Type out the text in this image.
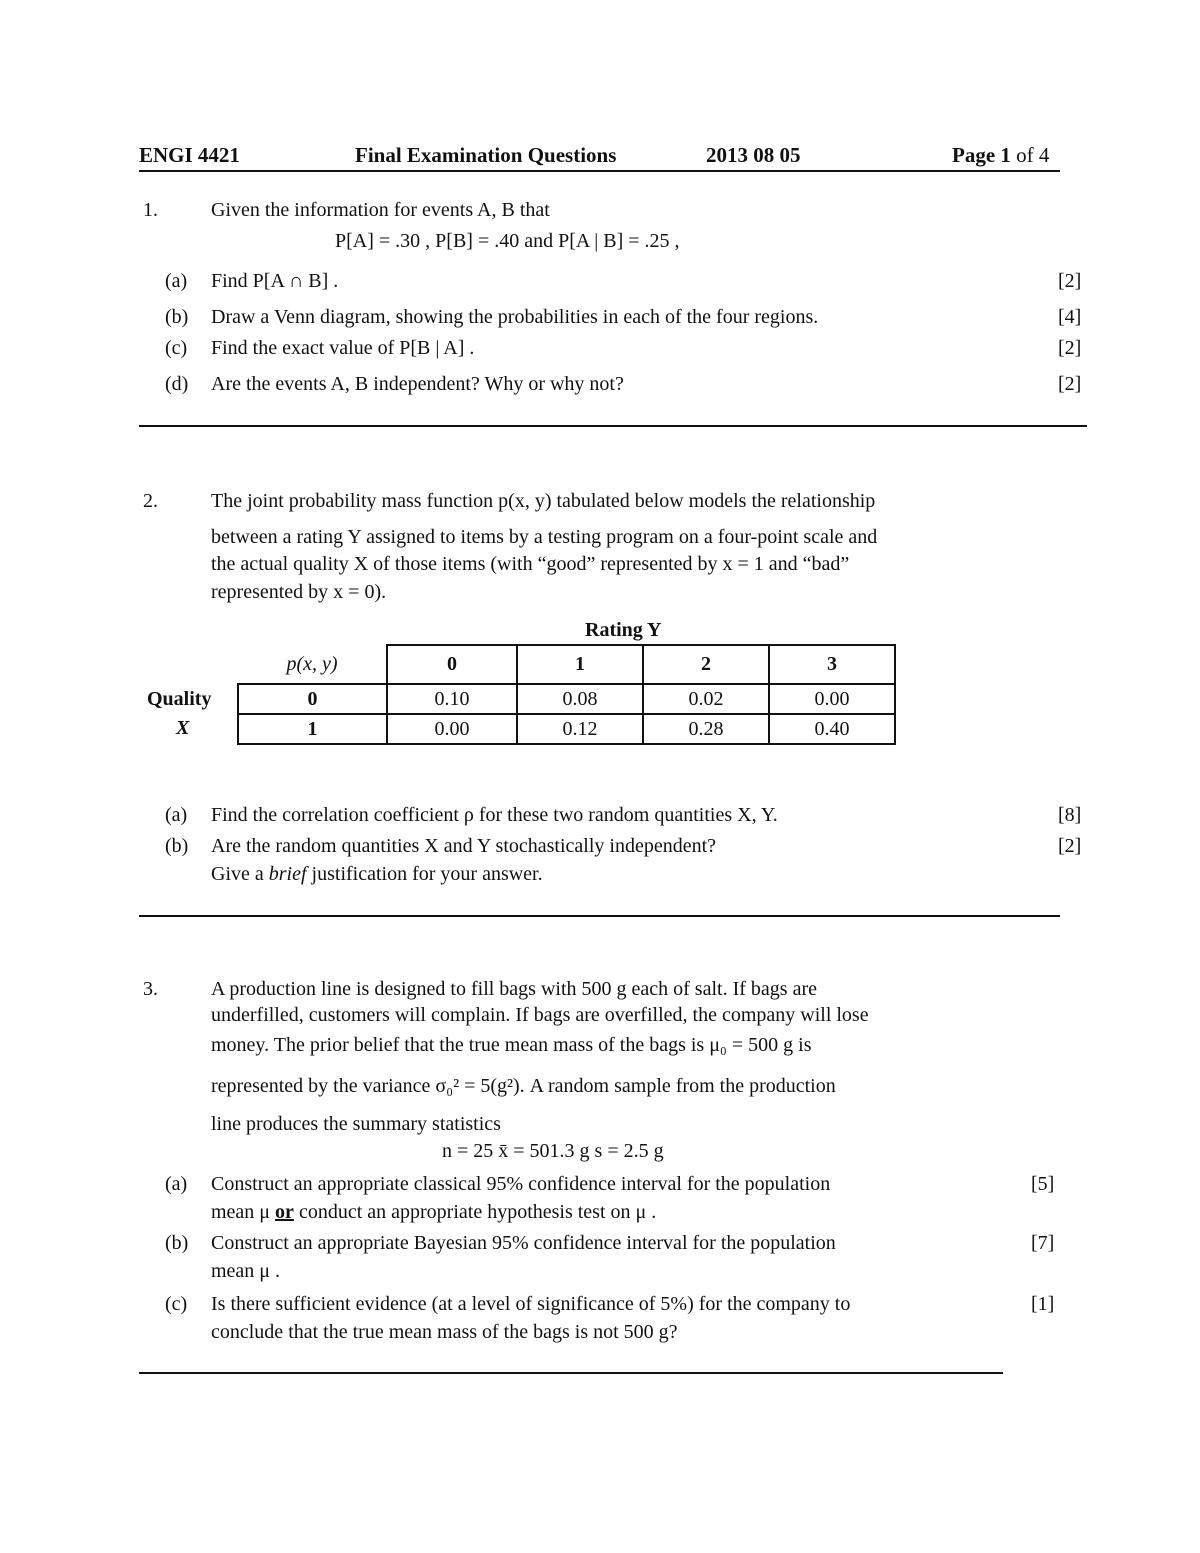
ENGI 4421	Final Examination Questions	2013 08 05	Page 1 of 4
1.	Given the information for events A, B that
P[A] = .30 , P[B] = .40 and P[A | B] = .25 ,
(a) Find P[A ∩ B] .	[2]
(b) Draw a Venn diagram, showing the probabilities in each of the four regions.	[4]
(c) Find the exact value of P[B | A] .	[2]
(d) Are the events A, B independent? Why or why not?	[2]
2.	The joint probability mass function p(x, y) tabulated below models the relationship
between a rating Y assigned to items by a testing program on a four-point scale and
the actual quality X of those items (with “good” represented by x = 1 and “bad”
represented by x = 0).
Rating Y
Quality
X
p(x, y)	0	1	2	3
0	0.10	0.08	0.02	0.00
1	0.00	0.12	0.28	0.40
(a) Find the correlation coefficient ρ for these two random quantities X, Y.	[8]
(b) Are the random quantities X and Y stochastically independent?	[2]
Give a brief justification for your answer.
3.	A production line is designed to fill bags with 500 g each of salt. If bags are
underfilled, customers will complain. If bags are overfilled, the company will lose
money. The prior belief that the true mean mass of the bags is μ₀ = 500 g is
represented by the variance σ₀² = 5(g²). A random sample from the production
line produces the summary statistics
n = 25 x̄ = 501.3 g s = 2.5 g
(a) Construct an appropriate classical 95% confidence interval for the population	[5]
mean μ or conduct an appropriate hypothesis test on μ .
(b) Construct an appropriate Bayesian 95% confidence interval for the population	[7]
mean μ .
(c) Is there sufficient evidence (at a level of significance of 5%) for the company to	[1]
conclude that the true mean mass of the bags is not 500 g?
